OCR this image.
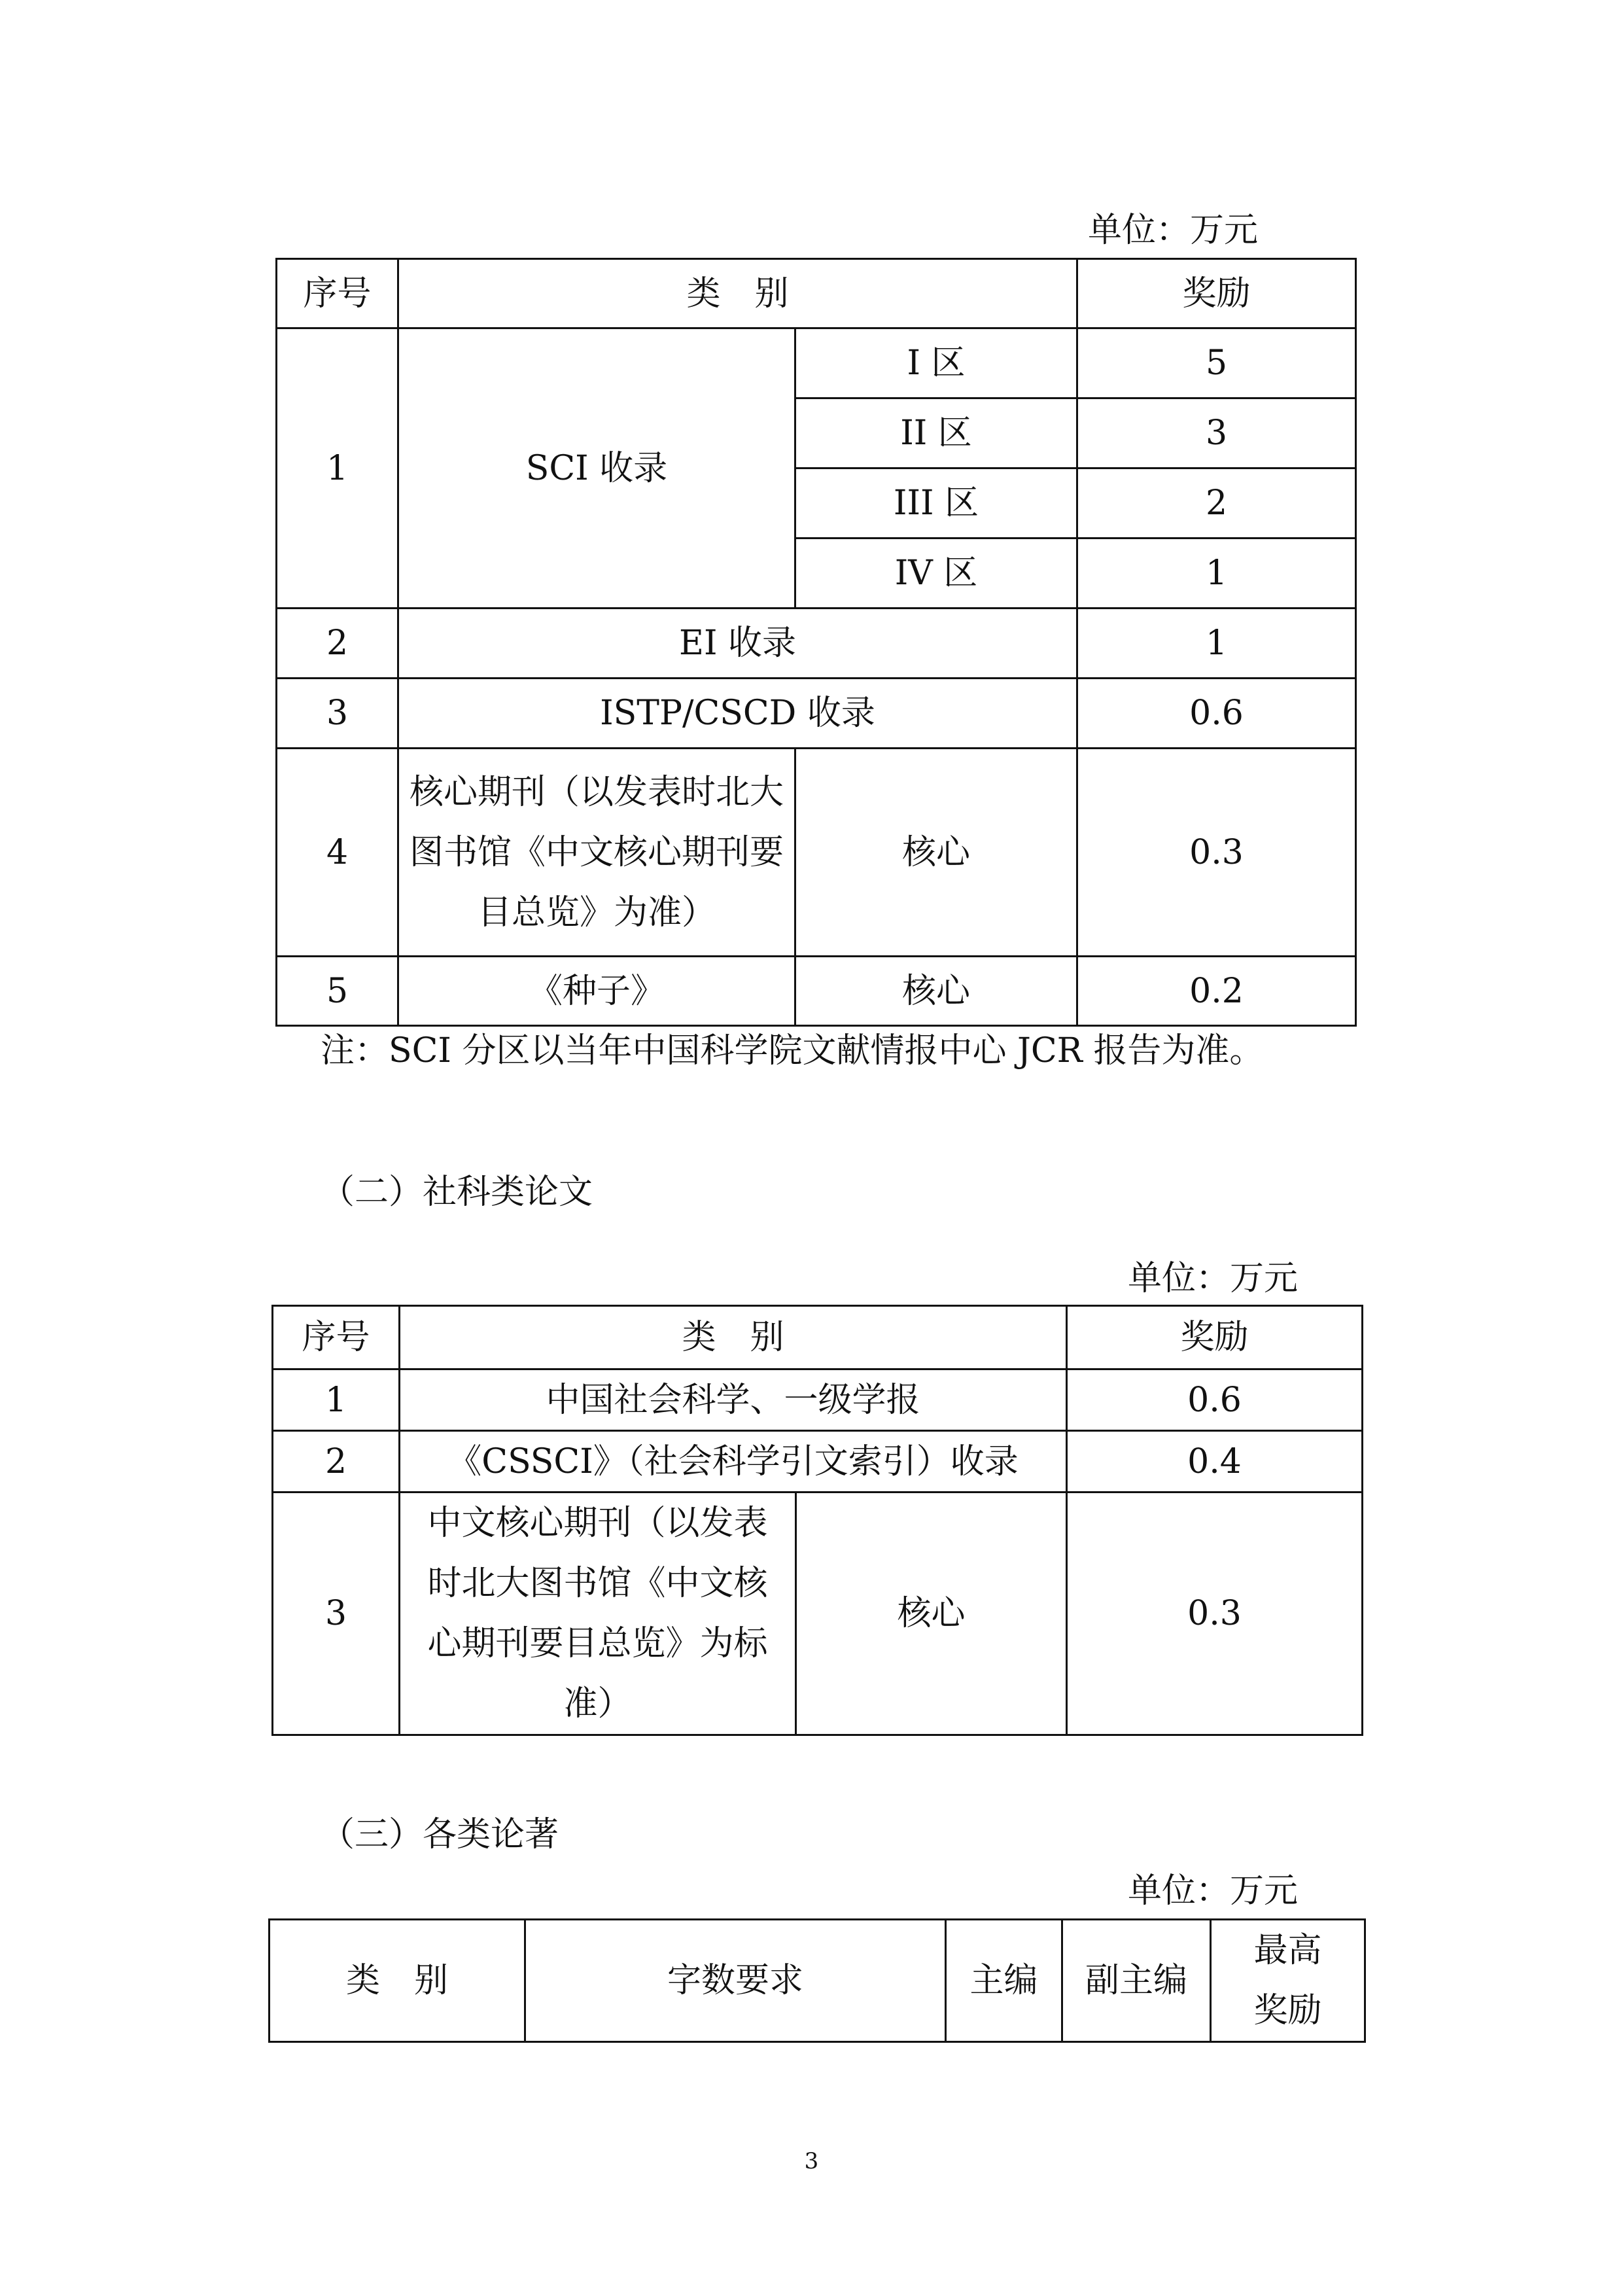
单位：万元
序号	类　别		奖励
1	SCI 收录	I 区	5
		II 区	3
		III 区	2
		IV 区	1
2	EI 收录		1
3	ISTP/CSCD 收录		0.6
4	核心期刊（以发表时北大图书馆《中文核心期刊要目总览》为准）	核心	0.3
5	《种子》	核心	0.2
注：SCI 分区以当年中国科学院文献情报中心 JCR 报告为准。
（二）社科类论文
单位：万元
序号	类　别		奖励
1	中国社会科学、一级学报		0.6
2	《CSSCI》（社会科学引文索引）收录		0.4
3	中文核心期刊（以发表时北大图书馆《中文核心期刊要目总览》为标准）	核心	0.3
（三）各类论著
单位：万元
类　别	字数要求	主编	副主编	最高奖励
3
